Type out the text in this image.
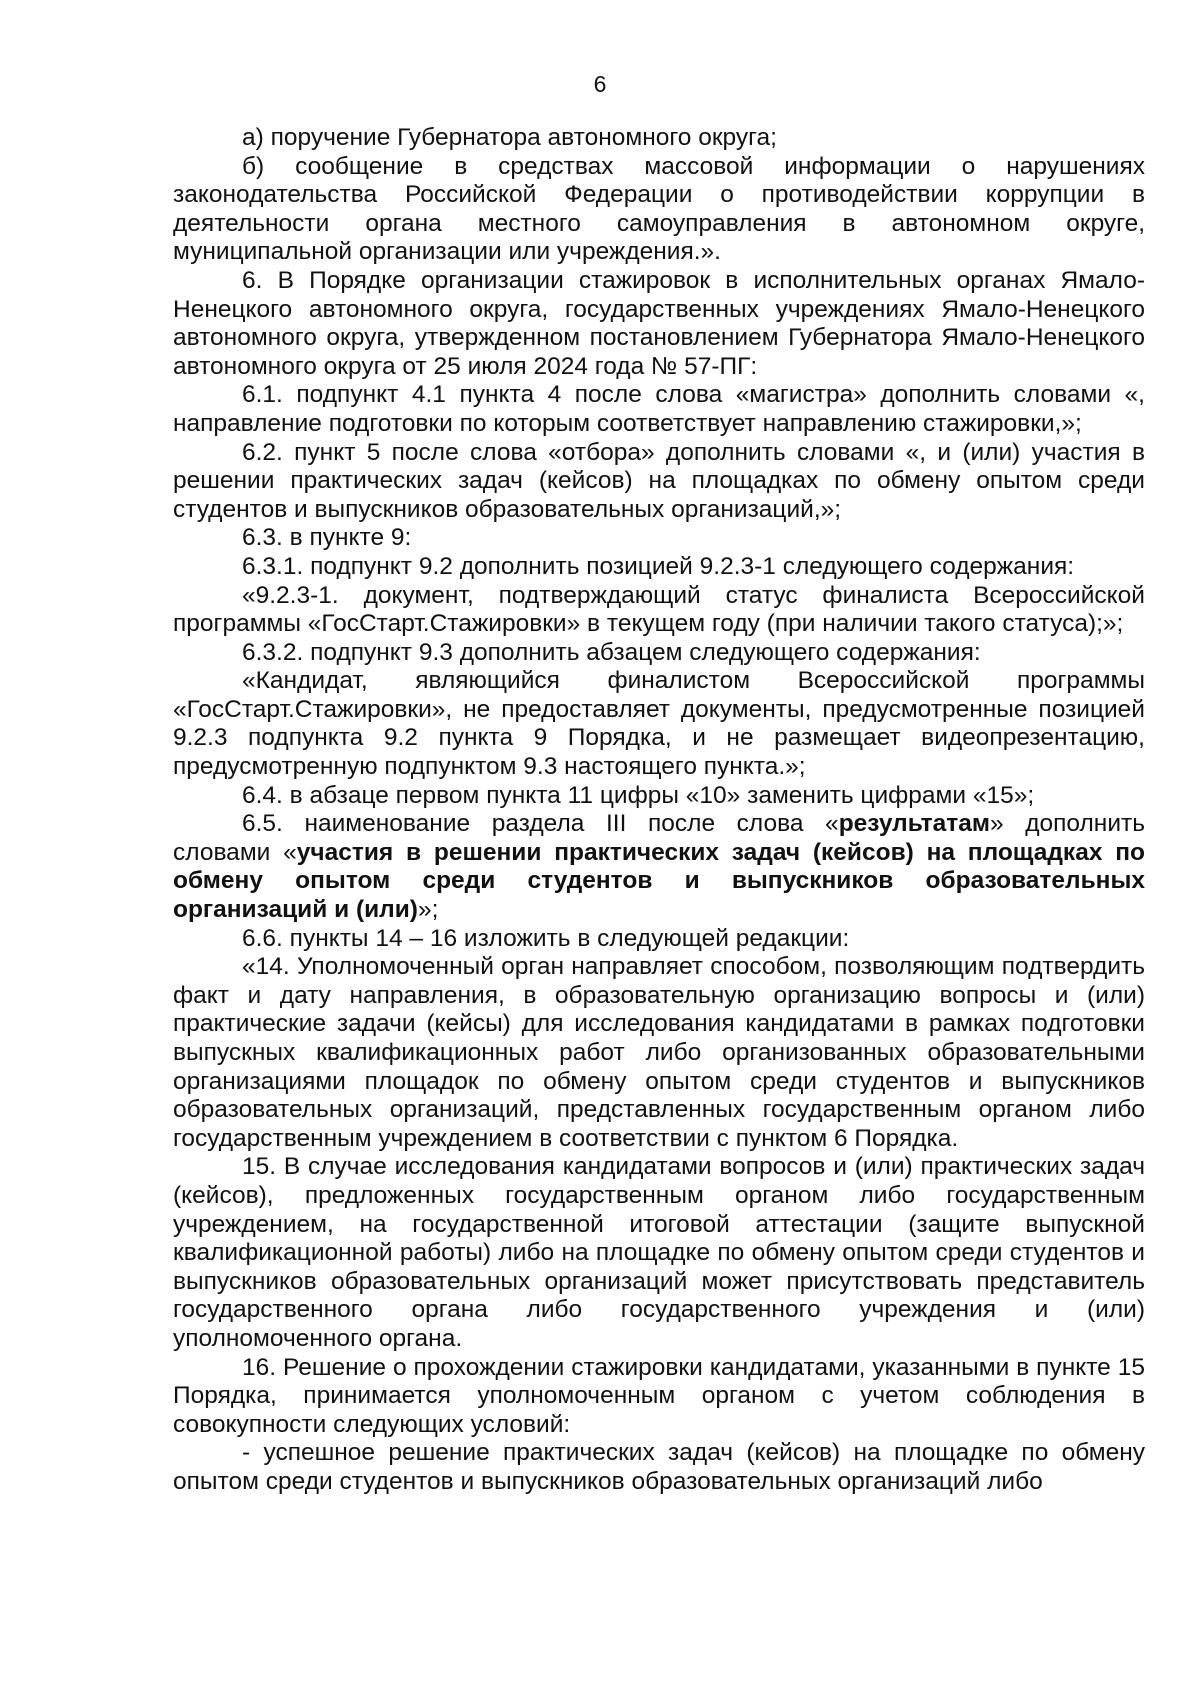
6

а) поручение Губернатора автономного округа;

б) сообщение в средствах массовой информации о нарушениях законодательства Российской Федерации о противодействии коррупции в деятельности органа местного самоуправления в автономном округе, муниципальной организации или учреждения.».

6. В Порядке организации стажировок в исполнительных органах Ямало-Ненецкого автономного округа, государственных учреждениях Ямало-Ненецкого автономного округа, утвержденном постановлением Губернатора Ямало-Ненецкого автономного округа от 25 июля 2024 года № 57-ПГ:

6.1. подпункт 4.1 пункта 4 после слова «магистра» дополнить словами «, направление подготовки по которым соответствует направлению стажировки,»;

6.2. пункт 5 после слова «отбора» дополнить словами «, и (или) участия в решении практических задач (кейсов) на площадках по обмену опытом среди студентов и выпускников образовательных организаций,»;

6.3. в пункте 9:

6.3.1. подпункт 9.2 дополнить позицией 9.2.3-1 следующего содержания:

«9.2.3-1. документ, подтверждающий статус финалиста Всероссийской программы «ГосСтарт.Стажировки» в текущем году (при наличии такого статуса);»;

6.3.2. подпункт 9.3 дополнить абзацем следующего содержания:

«Кандидат, являющийся финалистом Всероссийской программы «ГосСтарт.Стажировки», не предоставляет документы, предусмотренные позицией 9.2.3 подпункта 9.2 пункта 9 Порядка, и не размещает видеопрезентацию, предусмотренную подпунктом 9.3 настоящего пункта.»;

6.4. в абзаце первом пункта 11 цифры «10» заменить цифрами «15»;

6.5. наименование раздела III после слова «результатам» дополнить словами «участия в решении практических задач (кейсов) на площадках по обмену опытом среди студентов и выпускников образовательных организаций и (или)»;

6.6. пункты 14 – 16 изложить в следующей редакции:

«14. Уполномоченный орган направляет способом, позволяющим подтвердить факт и дату направления, в образовательную организацию вопросы и (или) практические задачи (кейсы) для исследования кандидатами в рамках подготовки выпускных квалификационных работ либо организованных образовательными организациями площадок по обмену опытом среди студентов и выпускников образовательных организаций, представленных государственным органом либо государственным учреждением в соответствии с пунктом 6 Порядка.

15. В случае исследования кандидатами вопросов и (или) практических задач (кейсов), предложенных государственным органом либо государственным учреждением, на государственной итоговой аттестации (защите выпускной квалификационной работы) либо на площадке по обмену опытом среди студентов и выпускников образовательных организаций может присутствовать представитель государственного органа либо государственного учреждения и (или) уполномоченного органа.

16. Решение о прохождении стажировки кандидатами, указанными в пункте 15 Порядка, принимается уполномоченным органом с учетом соблюдения в совокупности следующих условий:

- успешное решение практических задач (кейсов) на площадке по обмену опытом среди студентов и выпускников образовательных организаций либо
